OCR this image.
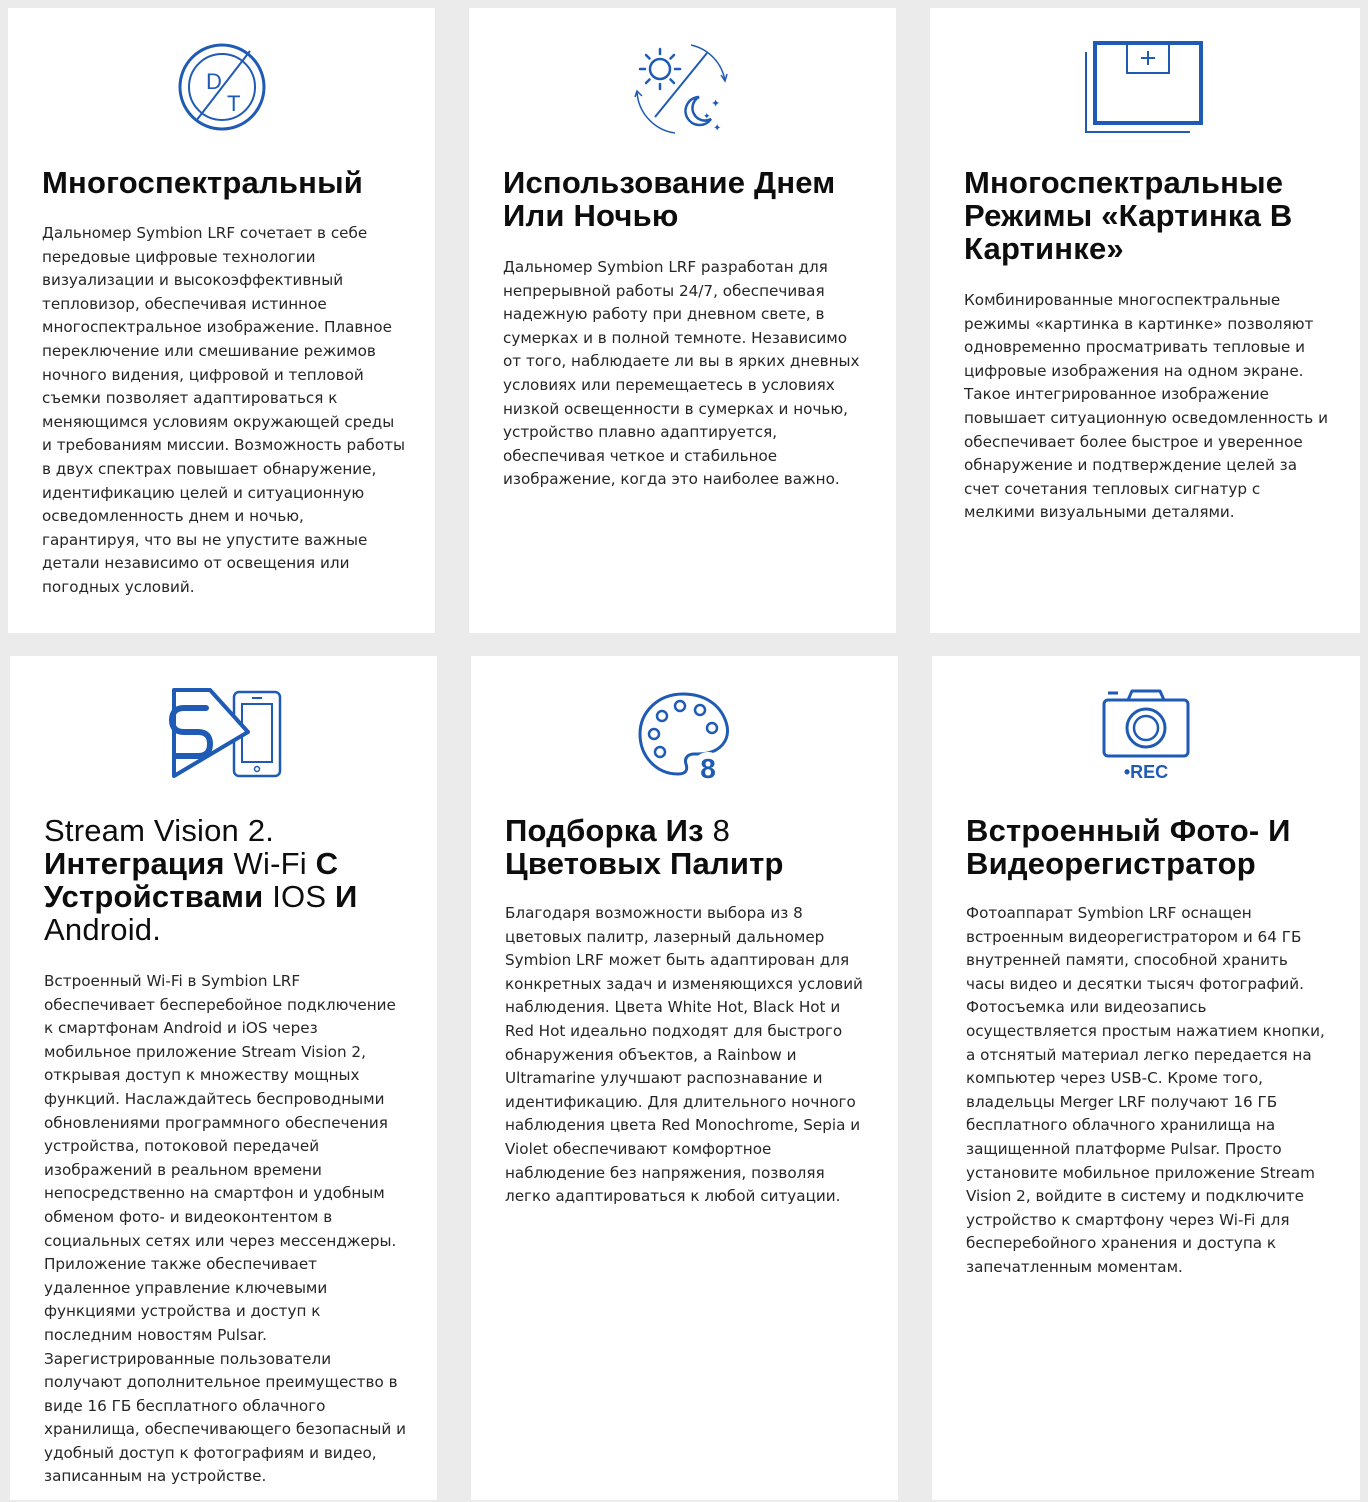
D
T
Многоспектральный

Дальномер Symbion LRF сочетает в себе передовые цифровые технологии визуализации и высокоэффективный тепловизор, обеспечивая истинное многоспектральное изображение. Плавное переключение или смешивание режимов ночного видения, цифровой и тепловой съемки позволяет адаптироваться к меняющимся условиям окружающей среды и требованиям миссии. Возможность работы в двух спектрах повышает обнаружение, идентификацию целей и ситуационную осведомленность днем и ночью, гарантируя, что вы не упустите важные детали независимо от освещения или погодных условий.

✦
✦
✦
Использование Днем Или Ночью

Дальномер Symbion LRF разработан для непрерывной работы 24/7, обеспечивая надежную работу при дневном свете, в сумерках и в полной темноте. Независимо от того, наблюдаете ли вы в ярких дневных условиях или перемещаетесь в условиях низкой освещенности в сумерках и ночью, устройство плавно адаптируется, обеспечивая четкое и стабильное изображение, когда это наиболее важно.

Многоспектральные Режимы «Картинка В Картинке»

Комбинированные многоспектральные режимы «картинка в картинке» позволяют одновременно просматривать тепловые и цифровые изображения на одном экране. Такое интегрированное изображение повышает ситуационную осведомленность и обеспечивает более быстрое и уверенное обнаружение и подтверждение целей за счет сочетания тепловых сигнатур с мелкими визуальными деталями.

Stream Vision 2. Интеграция Wi-Fi С Устройствами IOS И Android.

Встроенный Wi-Fi в Symbion LRF обеспечивает бесперебойное подключение к смартфонам Android и iOS через мобильное приложение Stream Vision 2, открывая доступ к множеству мощных функций. Наслаждайтесь беспроводными обновлениями программного обеспечения устройства, потоковой передачей изображений в реальном времени непосредственно на смартфон и удобным обменом фото- и видеоконтентом в социальных сетях или через мессенджеры. Приложение также обеспечивает удаленное управление ключевыми функциями устройства и доступ к последним новостям Pulsar. Зарегистрированные пользователи получают дополнительное преимущество в виде 16 ГБ бесплатного облачного хранилища, обеспечивающего безопасный и удобный доступ к фотографиям и видео, записанным на устройстве.

8
Подборка Из 8 Цветовых Палитр

Благодаря возможности выбора из 8 цветовых палитр, лазерный дальномер Symbion LRF может быть адаптирован для конкретных задач и изменяющихся условий наблюдения. Цвета White Hot, Black Hot и Red Hot идеально подходят для быстрого обнаружения объектов, а Rainbow и Ultramarine улучшают распознавание и идентификацию. Для длительного ночного наблюдения цвета Red Monochrome, Sepia и Violet обеспечивают комфортное наблюдение без напряжения, позволяя легко адаптироваться к любой ситуации.

•REC
Встроенный Фото- И Видеорегистратор

Фотоаппарат Symbion LRF оснащен встроенным видеорегистратором и 64 ГБ внутренней памяти, способной хранить часы видео и десятки тысяч фотографий. Фотосъемка или видеозапись осуществляется простым нажатием кнопки, а отснятый материал легко передается на компьютер через USB-C. Кроме того, владельцы Merger LRF получают 16 ГБ бесплатного облачного хранилища на защищенной платформе Pulsar. Просто установите мобильное приложение Stream Vision 2, войдите в систему и подключите устройство к смартфону через Wi-Fi для бесперебойного хранения и доступа к запечатленным моментам.
